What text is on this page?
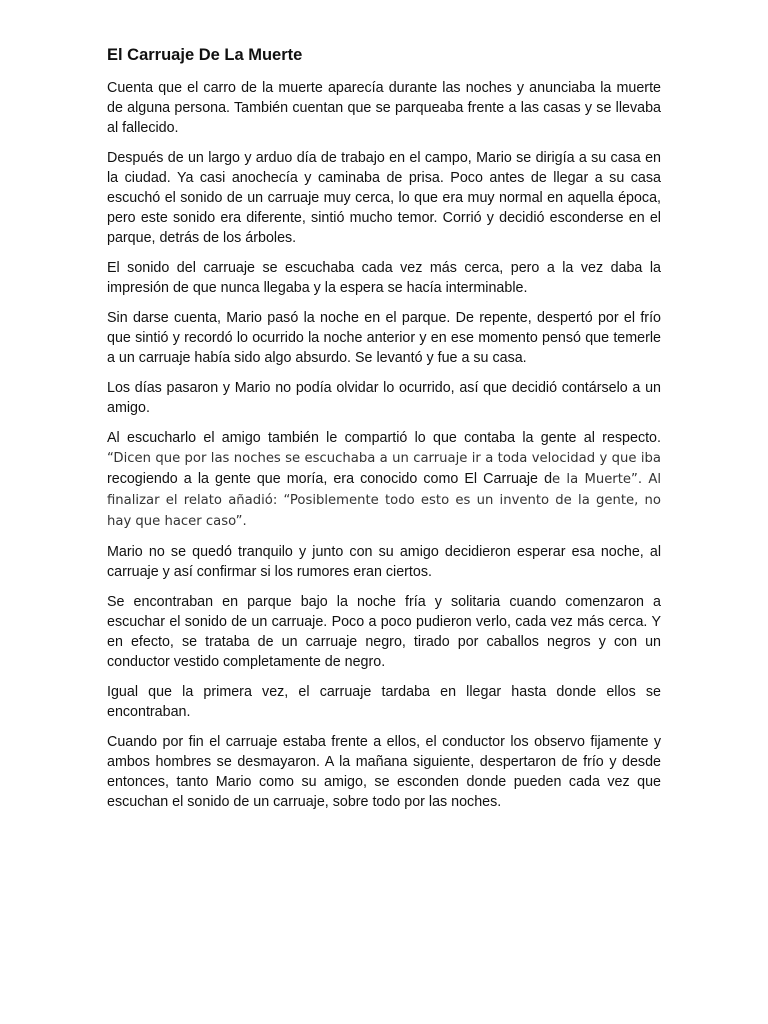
El Carruaje De La Muerte

Cuenta que el carro de la muerte aparecía durante las noches y anunciaba la muerte de alguna persona. También cuentan que se parqueaba frente a las casas y se llevaba al fallecido.

Después de un largo y arduo día de trabajo en el campo, Mario se dirigía a su casa en la ciudad. Ya casi anochecía y caminaba de prisa. Poco antes de llegar a su casa escuchó el sonido de un carruaje muy cerca, lo que era muy normal en aquella época, pero este sonido era diferente, sintió mucho temor. Corrió y decidió esconderse en el parque, detrás de los árboles.

El sonido del carruaje se escuchaba cada vez más cerca, pero a la vez daba la impresión de que nunca llegaba y la espera se hacía interminable.

Sin darse cuenta, Mario pasó la noche en el parque. De repente, despertó por el frío que sintió y recordó lo ocurrido la noche anterior y en ese momento pensó que temerle a un carruaje había sido algo absurdo. Se levantó y fue a su casa.

Los días pasaron y Mario no podía olvidar lo ocurrido, así que decidió contárselo a un amigo.

Al escucharlo el amigo también le compartió lo que contaba la gente al respecto. “Dicen que por las noches se escuchaba a un carruaje ir a toda velocidad y que iba recogiendo a la gente que moría, era conocido como El Carruaje de la Muerte”. Al finalizar el relato añadió: “Posiblemente todo esto es un invento de la gente, no hay que hacer caso”.

Mario no se quedó tranquilo y junto con su amigo decidieron esperar esa noche, al carruaje y así confirmar si los rumores eran ciertos.

Se encontraban en parque bajo la noche fría y solitaria cuando comenzaron a escuchar el sonido de un carruaje. Poco a poco pudieron verlo, cada vez más cerca. Y en efecto, se trataba de un carruaje negro, tirado por caballos negros y con un conductor vestido completamente de negro.

Igual que la primera vez, el carruaje tardaba en llegar hasta donde ellos se encontraban.

Cuando por fin el carruaje estaba frente a ellos, el conductor los observo fijamente y ambos hombres se desmayaron. A la mañana siguiente, despertaron de frío y desde entonces, tanto Mario como su amigo, se esconden donde pueden cada vez que escuchan el sonido de un carruaje, sobre todo por las noches.
